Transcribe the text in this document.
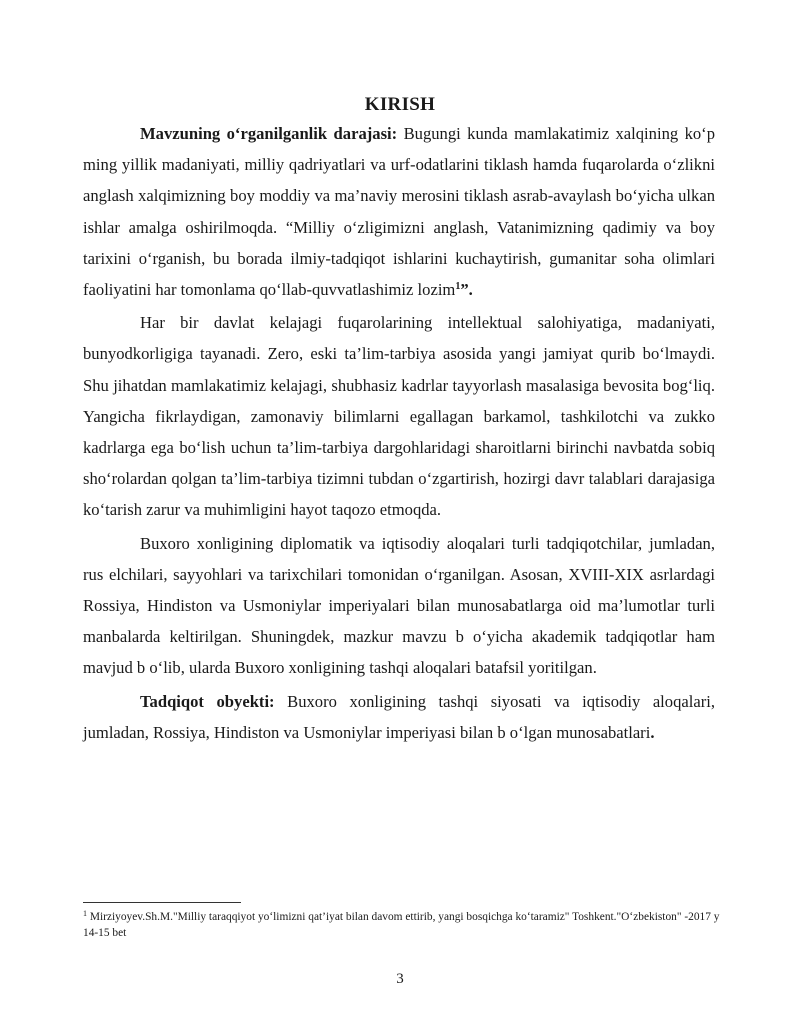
KIRISH

Mavzuning o‘rganilganlik darajasi: Bugungi kunda mamlakatimiz xalqining ko‘p ming yillik madaniyati, milliy qadriyatlari va urf-odatlarini tiklash hamda fuqarolarda o‘zlikni anglash xalqimizning boy moddiy va ma’naviy merosini tiklash asrab-avaylash bo‘yicha ulkan ishlar amalga oshirilmoqda. “Milliy o‘zligimizni anglash, Vatanimizning qadimiy va boy tarixini o‘rganish, bu borada ilmiy-tadqiqot ishlarini kuchaytirish, gumanitar soha olimlari faoliyatini har tomonlama qo‘llab-quvvatlashimiz lozim$^1$”.

Har bir davlat kelajagi fuqarolarining intellektual salohiyatiga, madaniyati, bunyodkorligiga tayanadi. Zero, eski ta’lim-tarbiya asosida yangi jamiyat qurib bo‘lmaydi. Shu jihatdan mamlakatimiz kelajagi, shubhasiz kadrlar tayyorlash masalasiga bevosita bog‘liq. Yangicha fikrlaydigan, zamonaviy bilimlarni egallagan barkamol, tashkilotchi va zukko kadrlarga ega bo‘lish uchun ta’lim-tarbiya dargohlaridagi sharoitlarni birinchi navbatda sobiq sho‘rolardan qolgan ta’lim-tarbiya tizimni tubdan o‘zgartirish, hozirgi davr talablari darajasiga ko‘tarish zarur va muhimligini hayot taqozo etmoqda.

Buxoro xonligining diplomatik va iqtisodiy aloqalari turli tadqiqotchilar, jumladan, rus elchilari, sayyohlari va tarixchilari tomonidan o‘rganilgan. Asosan, XVIII-XIX asrlardagi Rossiya, Hindiston va Usmoniylar imperiyalari bilan munosabatlarga oid ma’lumotlar turli manbalarda keltirilgan. Shuningdek, mazkur mavzu b o‘yicha akademik tadqiqotlar ham mavjud b o‘lib, ularda Buxoro xonligining tashqi aloqalari batafsil yoritilgan.

Tadqiqot obyekti: Buxoro xonligining tashqi siyosati va iqtisodiy aloqalari, jumladan, Rossiya, Hindiston va Usmoniylar imperiyasi bilan b o‘lgan munosabatlari.

$^1$ Mirziyoyev.Sh.M."Milliy taraqqiyot yo‘limizni qat’iyat bilan davom ettirib, yangi bosqichga ko‘taramiz" Toshkent."O‘zbekiston" -2017 y 14-15 bet
3
